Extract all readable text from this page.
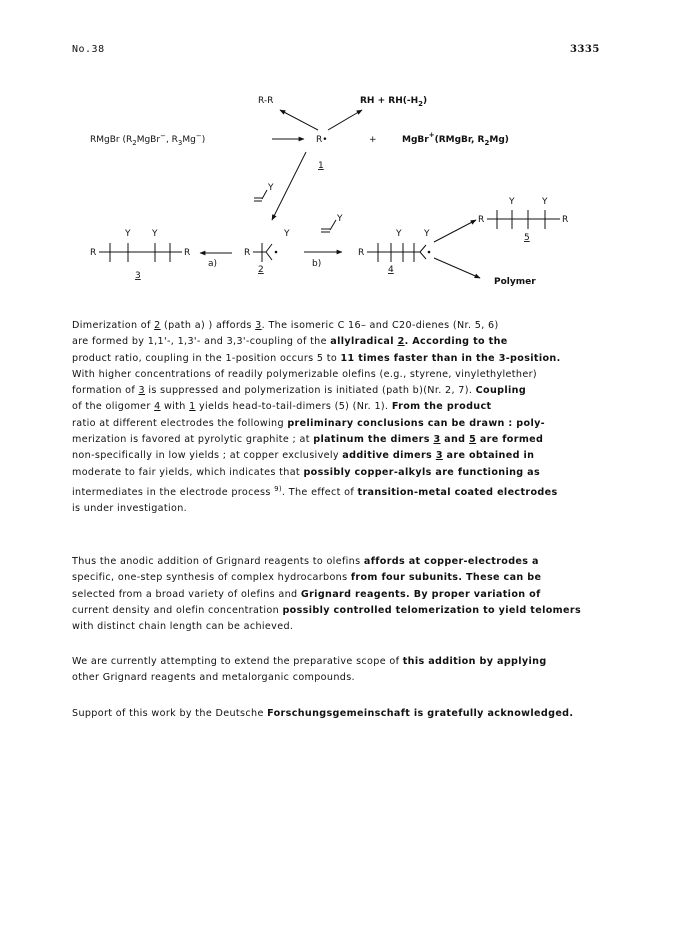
No.38	3335
R-R	RH + $RH(-H_2)$
RMgBr ($R_2MgBr^-$, $R_3Mg^-$)	R•	+	MgBr+(RMgBr, $R_2Mg$)
1
Y
R
Y Y
R
3
a)
R
Y
2
Y
b)
R
Y	Y
4
R
Y	Y
R
5
Polymer

Dimerization of 2 (path a) ) affords 3. The isomeric C 16– and C20-dienes (Nr. 5, 6)
are formed by 1,1'-, 1,3'- and 3,3'-coupling of the allylradical 2. According to the
product ratio, coupling in the 1-position occurs 5 to 11 times faster than in the 3-position.
With higher concentrations of readily polymerizable olefins (e.g., styrene, vinylethylether)
formation of 3 is suppressed and polymerization is initiated (path b)(Nr. 2, 7). Coupling
of the oligomer 4 with 1 yields head-to-tail-dimers (5) (Nr. 1). From the product
ratio at different electrodes the following preliminary conclusions can be drawn : poly-
merization is favored at pyrolytic graphite ; at platinum the dimers 3 and 5 are formed
non-specifically in low yields ; at copper exclusively additive dimers 3 are obtained in
moderate to fair yields, which indicates that possibly copper-alkyls are functioning as
intermediates in the electrode process $^{9)}$. The effect of transition-metal coated electrodes
is under investigation.

Thus the anodic addition of Grignard reagents to olefins affords at copper-electrodes a
specific, one-step synthesis of complex hydrocarbons from four subunits. These can be
selected from a broad variety of olefins and Grignard reagents. By proper variation of
current density and olefin concentration possibly controlled telomerization to yield telomers
with distinct chain length can be achieved.

We are currently attempting to extend the preparative scope of this addition by applying
other Grignard reagents and metalorganic compounds.

Support of this work by the Deutsche Forschungsgemeinschaft is gratefully acknowledged.
